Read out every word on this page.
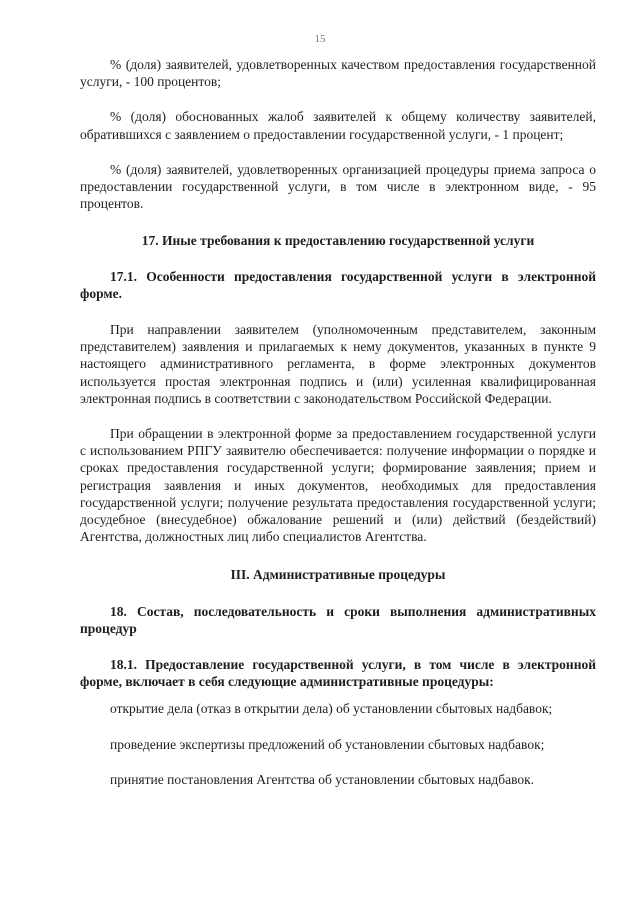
15

% (доля) заявителей, удовлетворенных качеством предоставления государственной услуги, - 100 процентов;

% (доля) обоснованных жалоб заявителей к общему количеству заявителей, обратившихся с заявлением о предоставлении государственной услуги, - 1 процент;

% (доля) заявителей, удовлетворенных организацией процедуры приема запроса о предоставлении государственной услуги, в том числе в электронном виде, - 95 процентов.

17. Иные требования к предоставлению государственной услуги

17.1. Особенности предоставления государственной услуги в электронной форме.

При направлении заявителем (уполномоченным представителем, законным представителем) заявления и прилагаемых к нему документов, указанных в пункте 9 настоящего административного регламента, в форме электронных документов используется простая электронная подпись и (или) усиленная квалифицированная электронная подпись в соответствии с законодательством Российской Федерации.

При обращении в электронной форме за предоставлением государственной услуги с использованием РПГУ заявителю обеспечивается: получение информации о порядке и сроках предоставления государственной услуги; формирование заявления; прием и регистрация заявления и иных документов, необходимых для предоставления государственной услуги; получение результата предоставления государственной услуги; досудебное (внесудебное) обжалование решений и (или) действий (бездействий) Агентства, должностных лиц либо специалистов Агентства.

III. Административные процедуры

18. Состав, последовательность и сроки выполнения административных процедур

18.1. Предоставление государственной услуги, в том числе в электронной форме, включает в себя следующие административные процедуры:

открытие дела (отказ в открытии дела) об установлении сбытовых надбавок;

проведение экспертизы предложений об установлении сбытовых надбавок;

принятие постановления Агентства об установлении сбытовых надбавок.
